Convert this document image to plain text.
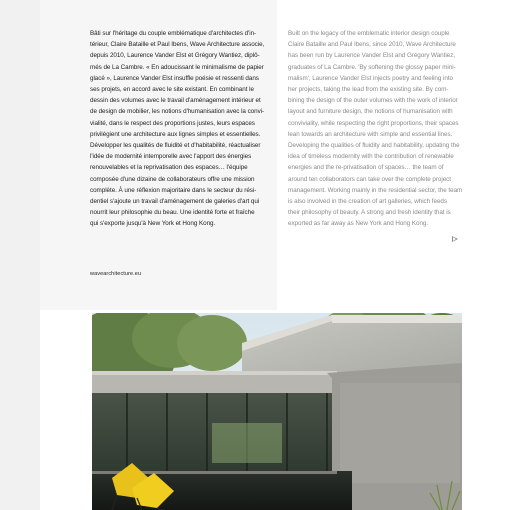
Bâti sur l'héritage du couple emblématique d'architectes d'in-
térieur, Claire Bataille et Paul Ibens, Wave Architecture associe,
depuis 2010, Laurence Vander Elst et Grégory Wantiez, diplô-
més de La Cambre. « En adoucissant le minimalisme de papier
glacé », Laurence Vander Elst insuffle poésie et ressenti dans
ses projets, en accord avec le site existant. En combinant le
dessin des volumes avec le travail d'aménagement intérieur et
de design de mobilier, les notions d'humanisation avec la convi-
vialité, dans le respect des proportions justes, leurs espaces
privilégient une architecture aux lignes simples et essentielles.
Développer les qualités de fluidité et d'habitabilité, réactualiser
l'idée de modernité intemporelle avec l'apport des énergies
renouvelables et la reprivatisation des espaces… l'équipe
composée d'une dizaine de collaborateurs offre une mission
complète. À une réflexion majoritaire dans le secteur du rési-
dentiel s'ajoute un travail d'aménagement de galeries d'art qui
nourrit leur philosophie du beau. Une identité forte et fraîche
qui s'exporte jusqu'à New York et Hong Kong.

Built on the legacy of the emblematic interior design couple
Claire Bataille and Paul Ibens, since 2010, Wave Architecture
has been run by Laurence Vander Elst and Grégory Wantiez,
graduates of La Cambre. 'By softening the glossy paper mini-
malism', Laurence Vander Elst injects poetry and feeling into
her projects, taking the lead from the existing site. By com-
bining the design of the outer volumes with the work of interior
layout and furniture design, the notions of humanisation with
conviviality, while respecting the right proportions, their spaces
lean towards an architecture with simple and essential lines.
Developing the qualities of fluidity and habitability, updating the
idea of timeless modernity with the contribution of renewable
energies and the re-privatisation of spaces… the team of
around ten collaborators can take over the complete project
management. Working mainly in the residential sector, the team
is also involved in the creation of art galleries, which feeds
their philosophy of beauty. A strong and fresh identity that is
exported as far away as New York and Hong Kong.

wavearchitecture.eu
